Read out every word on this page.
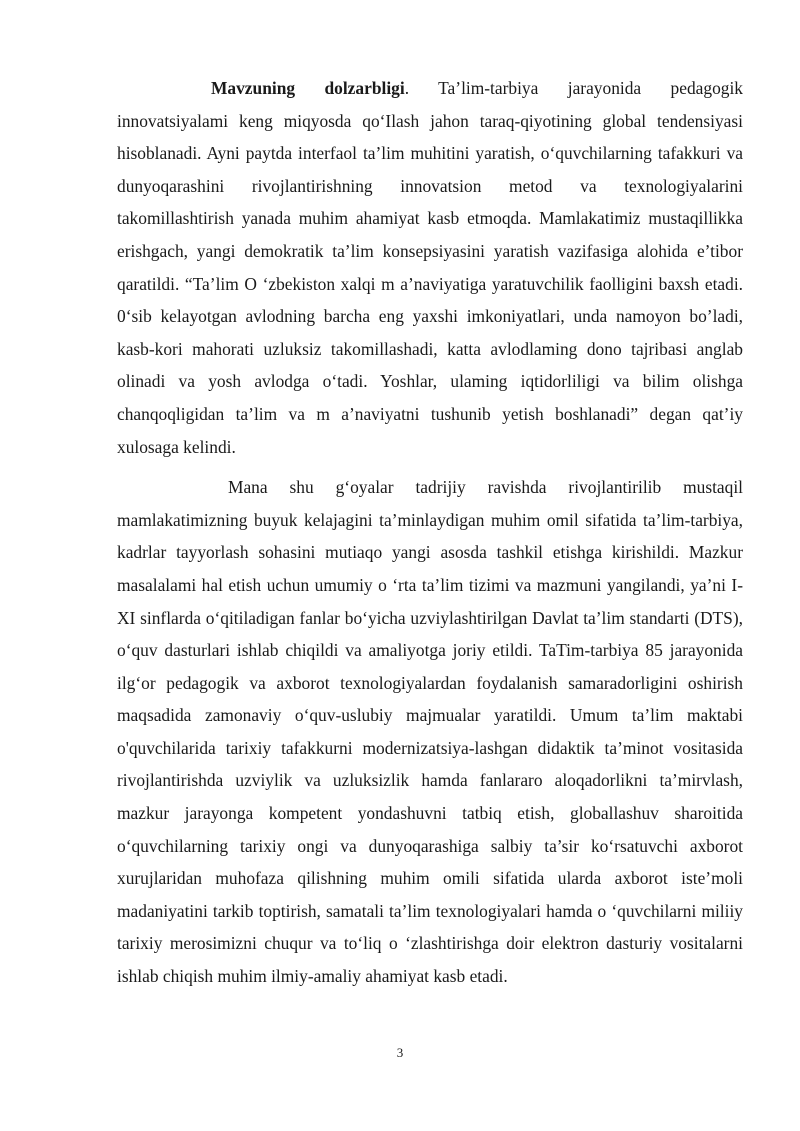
Mavzuning dolzarbligi. Ta’lim-tarbiya jarayonida pedagogik innovatsiyalami keng miqyosda qo‘Ilash jahon taraq-qiyotining global tendensiyasi hisoblanadi. Ayni paytda interfaol ta’lim muhitini yaratish, o‘quvchilarning tafakkuri va dunyoqarashini rivojlantirishning innovatsion metod va texnologiyalarini takomillashtirish yanada muhim ahamiyat kasb etmoqda. Mamlakatimiz mustaqillikka erishgach, yangi demokratik ta’lim konsepsiyasini yaratish vazifasiga alohida e’tibor qaratildi. “Ta’lim O ‘zbekiston xalqi m a’naviyatiga yaratuvchilik faolligini baxsh etadi. 0‘sib kelayotgan avlodning barcha eng yaxshi imkoniyatlari, unda namoyon bo’ladi, kasb-kori mahorati uzluksiz takomillashadi, katta avlodlaming dono tajribasi anglab olinadi va yosh avlodga o‘tadi. Yoshlar, ulaming iqtidorliligi va bilim olishga chanqoqligidan ta’lim va m a’naviyatni tushunib yetish boshlanadi” degan qat’iy xulosaga kelindi.

Mana shu g‘oyalar tadrijiy ravishda rivojlantirilib mustaqil mamlakatimizning buyuk kelajagini ta’minlaydigan muhim omil sifatida ta’lim-tarbiya, kadrlar tayyorlash sohasini mutiaqo yangi asosda tashkil etishga kirishildi. Mazkur masalalami hal etish uchun umumiy o ‘rta ta’lim tizimi va mazmuni yangilandi, ya’ni I-XI sinflarda o‘qitiladigan fanlar bo‘yicha uzviylashtirilgan Davlat ta’lim standarti (DTS), o‘quv dasturlari ishlab chiqildi va amaliyotga joriy etildi. TaTim-tarbiya 85 jarayonida ilg‘or pedagogik va axborot texnologiyalardan foydalanish samaradorligini oshirish maqsadida zamonaviy o‘quv-uslubiy majmualar yaratildi. Umum ta’lim maktabi o'quvchilarida tarixiy tafakkurni modernizatsiya-lashgan didaktik ta’minot vositasida rivojlantirishda uzviylik va uzluksizlik hamda fanlararo aloqadorlikni ta’mirvlash, mazkur jarayonga kompetent yondashuvni tatbiq etish, globallashuv sharoitida o‘quvchilarning tarixiy ongi va dunyoqarashiga salbiy ta’sir ko‘rsatuvchi axborot xurujlaridan muhofaza qilishning muhim omili sifatida ularda axborot iste’moli madaniyatini tarkib toptirish, samatali ta’lim texnologiyalari hamda o ‘quvchilarni miliiy tarixiy merosimizni chuqur va to‘liq o ‘zlashtirishga doir elektron dasturiy vositalarni ishlab chiqish muhim ilmiy-amaliy ahamiyat kasb etadi.

3
